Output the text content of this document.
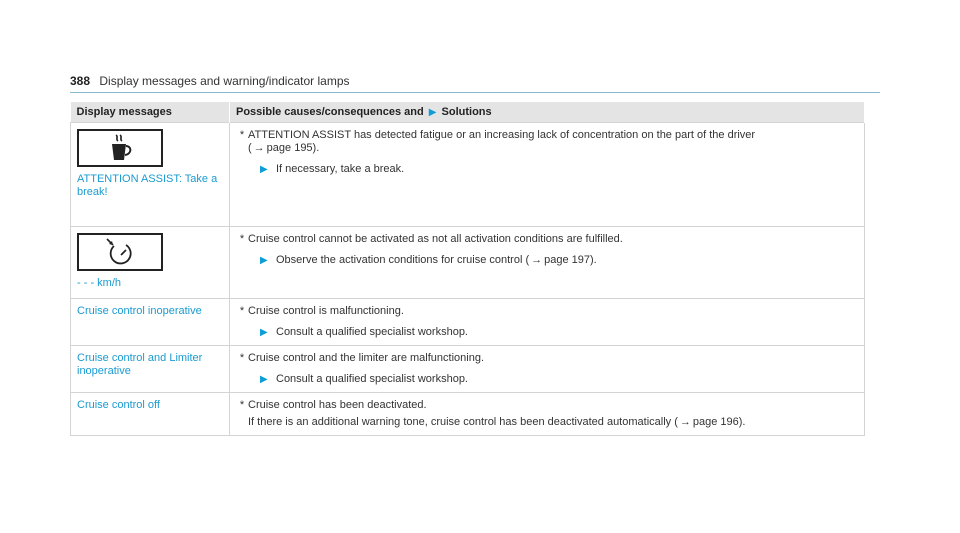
388 Display messages and warning/indicator lamps
Display messages	Possible causes/consequences and ▶ Solutions

ATTENTION ASSIST: Take a break!	* ATTENTION ASSIST has detected fatigue or an increasing lack of concentration on the part of the driver
( → page 195).
▶ If necessary, take a break.

- - - km/h	* Cruise control cannot be activated as not all activation conditions are fulfilled.
▶ Observe the activation conditions for cruise control ( → page 197).

Cruise control inoperative	* Cruise control is malfunctioning.
▶ Consult a qualified specialist workshop.

Cruise control and Limiter inoperative	* Cruise control and the limiter are malfunctioning.
▶ Consult a qualified specialist workshop.

Cruise control off	* Cruise control has been deactivated.
If there is an additional warning tone, cruise control has been deactivated automatically ( → page 196).
